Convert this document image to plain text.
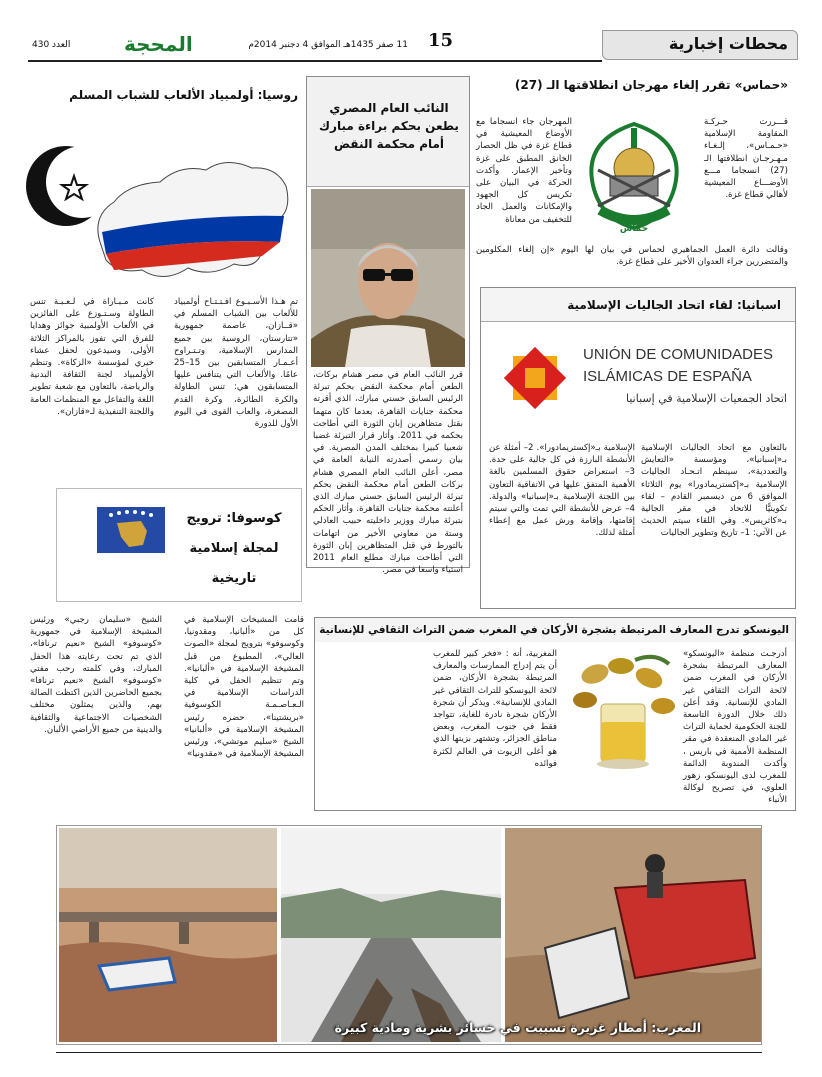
محطات إخبارية
15
11 صفر 1435هـ الموافق 4 دجنبر 2014م
المحجة
العدد 430
«حماس» تقرر إلغاء مهرجان انطلاقتها الـ (27)
حماس
قـــررت حـركـة المقاومة الإسلامية «حـمـاس»، إلـغـاء مـهـرجـان انطلاقتها الـ (27) انسجاما مـــع الأوضـــاع المعيشية لأهالي قطاع غزة.
المهرجان جاء انسجاما مع الأوضاع المعيشية في قطاع غزة في ظل الحصار الخانق المطبق على غزة وتأخير الإعمار. وأكدت الحركة في البيان على تكريس كل الجهود والإمكانات والعمل الجاد للتخفيف من معاناة
وقالت دائرة العمل الجماهيري لحماس في بيان لها اليوم «إن إلغاء المكلومين والمتضررين جراء العدوان الأخير على قطاع غزة.
النائب العام المصري يطعن بحكم براءة مبارك أمام محكمة النقض
قرر النائب العام في مصر هشام بركات، الطعن أمام محكمة النقض بحكم تبرئة الرئيس السابق حسني مبارك، الذي أقرته محكمة جنايات القاهرة، بعدما كان متهما بقتل متظاهرين إبان الثورة التي أطاحت بحكمه في 2011. وأثار قرار التبرئة غضبا شعبيا كبيرا بمختلف المدن المصرية. في بيان رسمي أصدرته النيابة العامة في مصر، أعلن النائب العام المصري هشام بركات الطعن أمام محكمة النقض بحكم تبرئة الرئيس السابق حسني مبارك الذي أعلنته محكمة جنايات القاهرة. وأثار الحكم بتبرئة مبارك ووزير داخليته حبيب العادلي وستة من معاوني الأخير من اتهامات بالتورط في قتل المتظاهرين إبان الثورة التي أطاحت مبارك مطلع العام 2011 استياء واسعا في مصر.
روسيا: أولمبياد الألعاب للشباب المسلم
تم هـذا الأسـبـوع افـتـتـاح أولمبياد للألعاب بين الشباب المسلم في «قــازان، عاصمة جمهورية «تتارستان، الروسية بين جميع المدارس الإسلامية، وتـتـراوح أعـمـار المتسابقين بين 15–25 عامًا. والألعاب التي يتنافس عليها المتسابقون هي: تنس الطاولة والكرة الطائرة، وكرة القدم المصغرة، والعاب القوى في اليوم الأول للدورة
كانت مـبـاراة في لـعـبـة تنس الطاولة وسـتـوزع على الفائزين في الألعاب الأولمبية جوائز وهدايا للفرق التي تفوز بالمراكز الثلاثة الأولى، وسيدعون لحفل عشاء خيري لمؤسسة «الزكاة». وتنظم الأولمبياد لجنة الثقافة البدنية والرياضة، بالتعاون مع شعبة تطوير اللغة والتفاعل مع المنظمات العامة واللجنة التنفيذية لـ«قازان».
اسبانيا: لقاء اتحاد الجاليات الإسلامية
UNIÓN DE COMUNIDADES
ISLÁMICAS DE ESPAÑA
اتحاد الجمعيات الإسلامية في إسبانيا
بالتعاون مع اتحاد الجاليات الإسلامية بـ«إسبانيا»، ومؤسسة «التعايش والتعددية»، سينظم اتـحـاد الجاليات الإسلامية بـ«إكستريمادورا» يوم الثلاثاء الموافق 6 من ديسمبر القادم – لقاء تكوينيًّا للاتحاد في مقر الجالية بـ«كاثريس». وفي اللقاء سيتم الحديث عن الآتي: 1– تاريخ وتطوير الجاليات
الإسلامية بـ«إكستريمادورا». 2– أمثلة عن الأنشطة البارزة في كل جالية على حدة. 3– استعراض حقوق المسلمين بالغة الأهمية المتفق عليها في الاتفاقية التعاون بين اللجنة الإسلامية بـ«إسبانيا» والدولة. 4– عرض للأنشطة التي تمت والتي سيتم إقامتها، وإقامة ورش عمل مع إعطاء أمثلة لذلك.
كوسوفا: ترويج
لمجلة إسلامية
تاريخية
قامت المشيخات الإسلامية في كل من «ألبانيا، ومقدونيا، وكوسوفو» بترويج لمجلة «الصوت العالي»، المطبوع من قبل المشيخة الإسلامية في «ألبانيا». وتم تنظيم الحفل في كلية الدراسات الإسلامية في الـعـاصـمـة الكوسوفية «بريشتينا»، حضره رئيس المشيخة الإسلامية في «ألبانيا» الشيخ «سليم موتشي»، ورئيس المشيخة الإسلامية في «مقدونيا»
الشيخ «سليمان رجبي» ورئيس المشيخة الإسلامية في جمهورية «كوسوفو» الشيخ «نعيم ترنافا»، الذي تم تحت رعايته هذا الحفل المبارك، وفي كلمته رحب مفتي «كوسوفو» الشيخ «نعيم ترنافا» بجميع الحاضرين الذين اكتظت الصالة بهم، والذين يمثلون مختلف الشخصيات الاجتماعية والثقافية والدينية من جميع الأراضي الألبان.
اليونسكو تدرج المعارف المرتبطة بشجرة الأركان في المغرب ضمن التراث الثقافي للإنسانية
أدرجـت منظمة «اليونسكو» المعارف المرتبطة بشجرة الأركان في المغرب ضمن لائحة التراث الثقافي غير المادي للإنسانية. وقد أعلن ذلك خلال الدورة التاسعة للجنة الحكومية لحماية التراث غير المادي المنعقدة في مقر المنظمة الأممية في باريس ، وأكدت المندوبة الدائمة للمغرب لدى اليونسكو، زهور العلوي، في تصريح لوكالة الأنباء
المغربية، أنه : «فخر كبير للمغرب أن يتم إدراج الممارسات والمعارف المرتبطة بشجرة الأركان، ضمن لائحة اليونسكو للتراث الثقافي غير المادي للإنسانية». ويذكر أن شجرة الأركان شجرة نادرة للغاية، تتواجد فقط في جنوب المغرب، وبعض مناطق الجزائر، وتشتهر بزيتها الذي هو أغلى الزيوت في العالم لكثرة فوائده
المغرب: أمطار غزيرة تسببت في خسائر بشرية ومادية كبيرة
